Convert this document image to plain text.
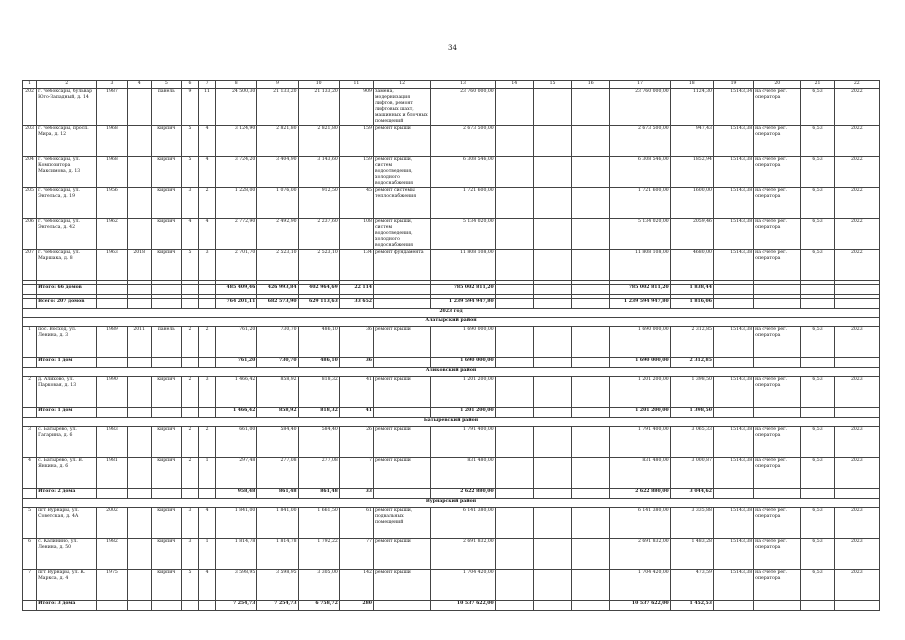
34
1	2	3	4	5	6	7	8	9	10	11	12	13	14	15	16	17	18	19	20	21	22
202	г. Чебоксары, бульвар Юго-Западный, д. 14	1987		панель	9	11	24 500,30	21 133,20	21 133,20	909	замена, модернизация лифтов, ремонт лифтовых шахт, машинных и блочных помещений	23 760 000,00				23 760 000,00	1124,30	15143,34	на счете рег. оператора	6,53	2022
203	г. Чебоксары, просп. Мира, д. 12	1968		кирпич	5	4	3 124,90	2 821,80	2 821,80	159	ремонт крыши	2 673 500,00				2 673 500,00	947,43	15143,38	на счете рег. оператора	6,53	2022
204	г. Чебоксары, ул. Композитора Максимова, д. 13	1968		кирпич	5	4	3 724,20	3 404,90	3 143,60	159	ремонт крыши, систем водоотведения, холодного водоснабжения	6 308 546,00				6 308 546,00	1852,94	15143,38	на счете рег. оператора	6,53	2022
205	г. Чебоксары, ул. Энгельса, д. 19	1956		кирпич	3	2	1 228,00	1 076,00	912,50	45	ремонт системы теплоснабжения	1 721 600,00				1 721 600,00	1600,00	15143,38	на счете рег. оператора	6,53	2022
206	г. Чебоксары, ул. Энгельса, д. 42	1962		кирпич	4	4	2 772,90	2 492,90	2 237,60	108	ремонт крыши, систем водоотведения, холодного водоснабжения	5 134 020,00				5 134 020,00	2059,46	15143,38	на счете рег. оператора	6,53	2022
207	г. Чебоксары, ул. Маршака, д. 8	1963	2018	кирпич	5	3	2 701,70	2 523,10	2 523,10	134	ремонт фундамента	11 808 108,00				11 808 108,00	4680,00	15143,38	на счете рег. оператора	6,53	2022

	Итого: 66 домов						485 409,46	426 993,84	402 964,69	22 114		785 002 811,20				785 002 811,20	1 838,44				

	Всего: 207 домов						764 201,11	682 573,90	629 113,63	33 652		1 239 594 947,80				1 239 594 947,80	1 816,06				
2023 год																					
Алатырский район																					
1	пос. Восход, ул. Ленина, д. 3	1989	2011	панель	2	2	761,20	730,70	486,10	36	ремонт крыши	1 690 000,00				1 690 000,00	2 312,85	15143,38	на счете рег. оператора	6,53	2023
	Итого: 1 дом						761,20	730,70	486,10	36		1 690 000,00				1 690 000,00	2 312,85				
Аликовский район																					
2	д. Алихово, ул. Парковая, д. 13	1990		кирпич	2	3	1 466,42	858,92	818,32	41	ремонт крыши	1 201 200,00				1 201 200,00	1 398,50	15143,38	на счете рег. оператора	6,53	2023
	Итого: 1 дом						1 466,42	858,92	818,32	41		1 201 200,00				1 201 200,00	1 398,50				
Батыревский район																					
3	с. Батырево, ул. Гагарина, д. 6	1983		кирпич	2	2	661,00	584,40	584,40	26	ремонт крыши	1 791 400,00				1 791 400,00	3 065,33	15143,38	на счете рег. оператора	6,53	2023
4	с. Батырево, ул. В. Янкина, д. 6	1981		кирпич	2	1	297,48	277,08	277,08	7	ремонт крыши	831 480,00				831 480,00	3 000,87	15143,38	на счете рег. оператора	6,53	2023
	Итого: 2 дома						958,48	861,48	861,48	33		2 622 880,00				2 622 880,00	3 044,62				
Вурнарский район																					
5	пгт Вурнары, ул. Советская, д. 4А	2002		кирпич	3	4	1 841,00	1 841,00	1 661,50	61	ремонт крыши, подвальных помещений	6 141 380,00				6 141 380,00	3 335,88	15143,38	на счете рег. оператора	6,53	2023
6	с. Калинино, ул. Ленина, д. 50	1982		кирпич	3	1	1 814,78	1 814,78	1 792,22	77	ремонт крыши	2 691 832,00				2 691 832,00	1 483,28	15143,38	на счете рег. оператора	6,53	2023
7	пгт Вурнары, ул. К. Маркса, д. 4	1975		кирпич	5	4	3 598,95	3 598,95	3 305,00	142	ремонт крыши	1 704 420,00				1 704 420,00	473,59	15143,38	на счете рег. оператора	6,53	2023
	Итого: 3 дома						7 254,73	7 254,73	6 758,72	280		10 537 622,00				10 537 622,00	1 452,53				
